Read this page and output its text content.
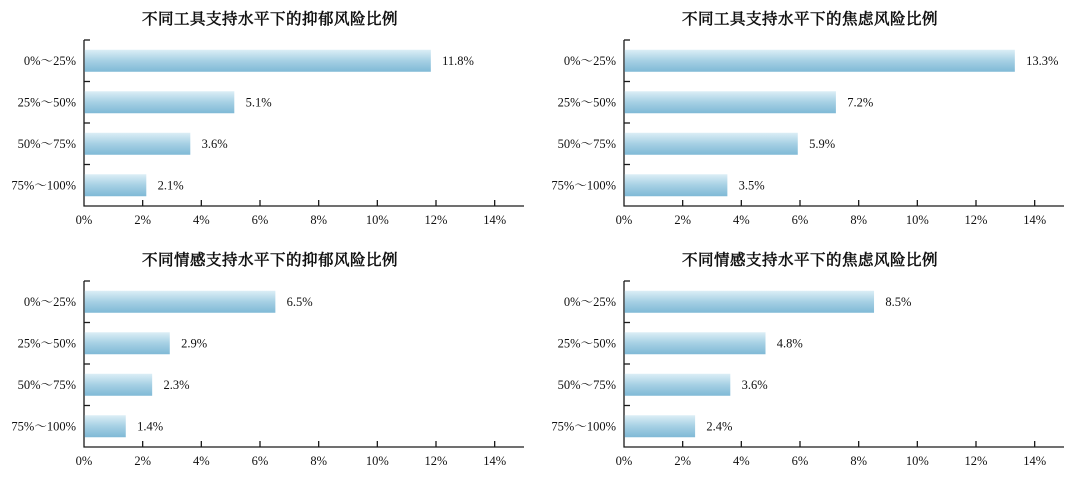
0%	2%	4%	6%	8%	10%	12%	14%
0%～25%	11.8%
25%～50%	5.1%
50%～75%	3.6%
75%～100%	2.1%
不同工具支持水平下的抑郁风险比例
0%	2%	4%	6%	8%	10%	12%	14%
0%～25%	13.3%
25%～50%	7.2%
50%～75%	5.9%
75%～100%	3.5%
不同工具支持水平下的焦虑风险比例
0%	2%	4%	6%	8%	10%	12%	14%
0%～25%	6.5%
25%～50%	2.9%
50%～75%	2.3%
75%～100%	1.4%
不同情感支持水平下的抑郁风险比例
0%	2%	4%	6%	8%	10%	12%	14%
0%～25%	8.5%
25%～50%	4.8%
50%～75%	3.6%
75%～100%	2.4%
不同情感支持水平下的焦虑风险比例
